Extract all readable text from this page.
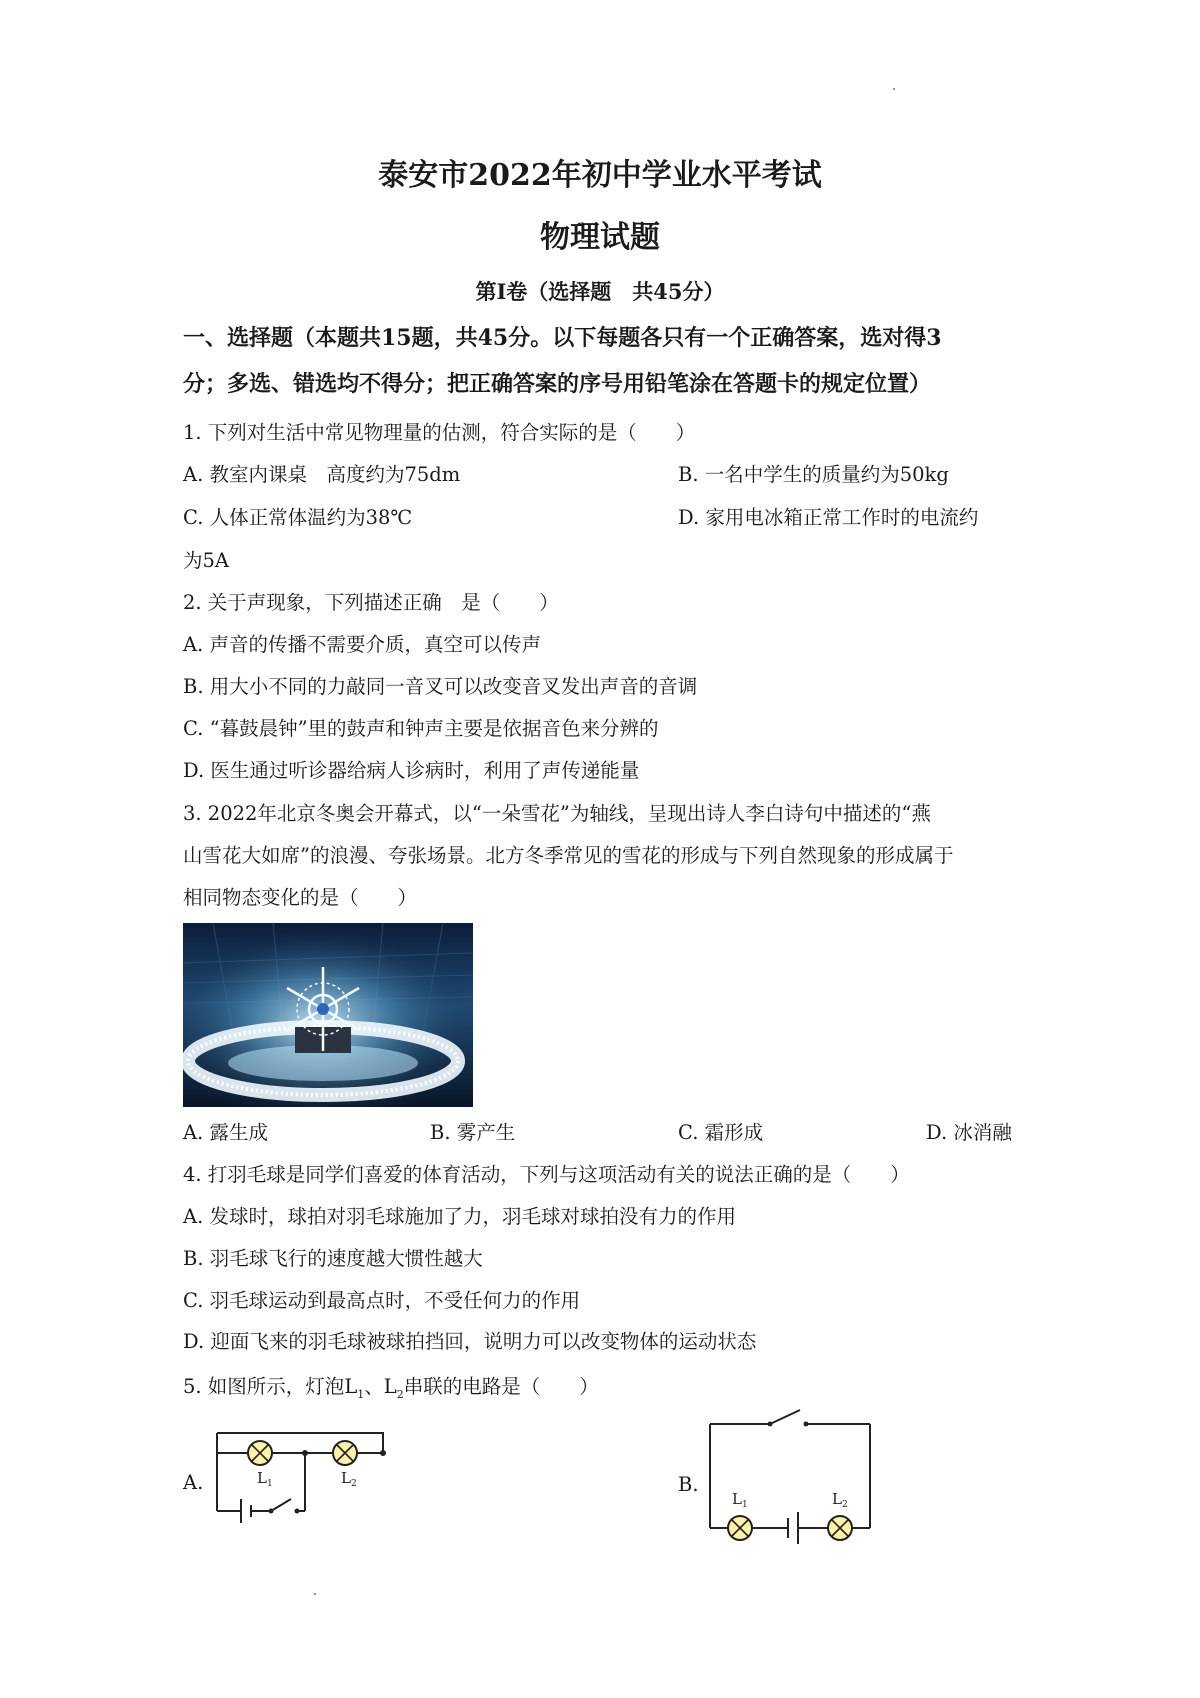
泰安市2022年初中学业水平考试
物理试题
第Ⅰ卷（选择题　共45分）
一、选择题（本题共15题，共45分。以下每题各只有一个正确答案，选对得3
分；多选、错选均不得分；把正确答案的序号用铅笔涂在答题卡的规定位置）
1. 下列对生活中常见物理量的估测，符合实际的是（　　）
A. 教室内课桌　高度约为75dm	B. 一名中学生的质量约为50kg
C. 人体正常体温约为38℃	D. 家用电冰箱正常工作时的电流约
为5A
2. 关于声现象，下列描述正确　是（　　）
A. 声音的传播不需要介质，真空可以传声
B. 用大小不同的力敲同一音叉可以改变音叉发出声音的音调
C. “暮鼓晨钟”里的鼓声和钟声主要是依据音色来分辨的
D. 医生通过听诊器给病人诊病时，利用了声传递能量
3. 2022年北京冬奥会开幕式，以“一朵雪花”为轴线，呈现出诗人李白诗句中描述的“燕
山雪花大如席”的浪漫、夸张场景。北方冬季常见的雪花的形成与下列自然现象的形成属于
相同物态变化的是（　　）
A. 露生成	B. 雾产生	C. 霜形成	D. 冰消融
4. 打羽毛球是同学们喜爱的体育活动，下列与这项活动有关的说法正确的是（　　）
A. 发球时，球拍对羽毛球施加了力，羽毛球对球拍没有力的作用
B. 羽毛球飞行的速度越大惯性越大
C. 羽毛球运动到最高点时，不受任何力的作用
D. 迎面飞来的羽毛球被球拍挡回，说明力可以改变物体的运动状态
5. 如图所示，灯泡$L_1$、$L_2$串联的电路是（　　）
A.	B.
$L_1$	$L_2$
$L_1$	$L_2$
